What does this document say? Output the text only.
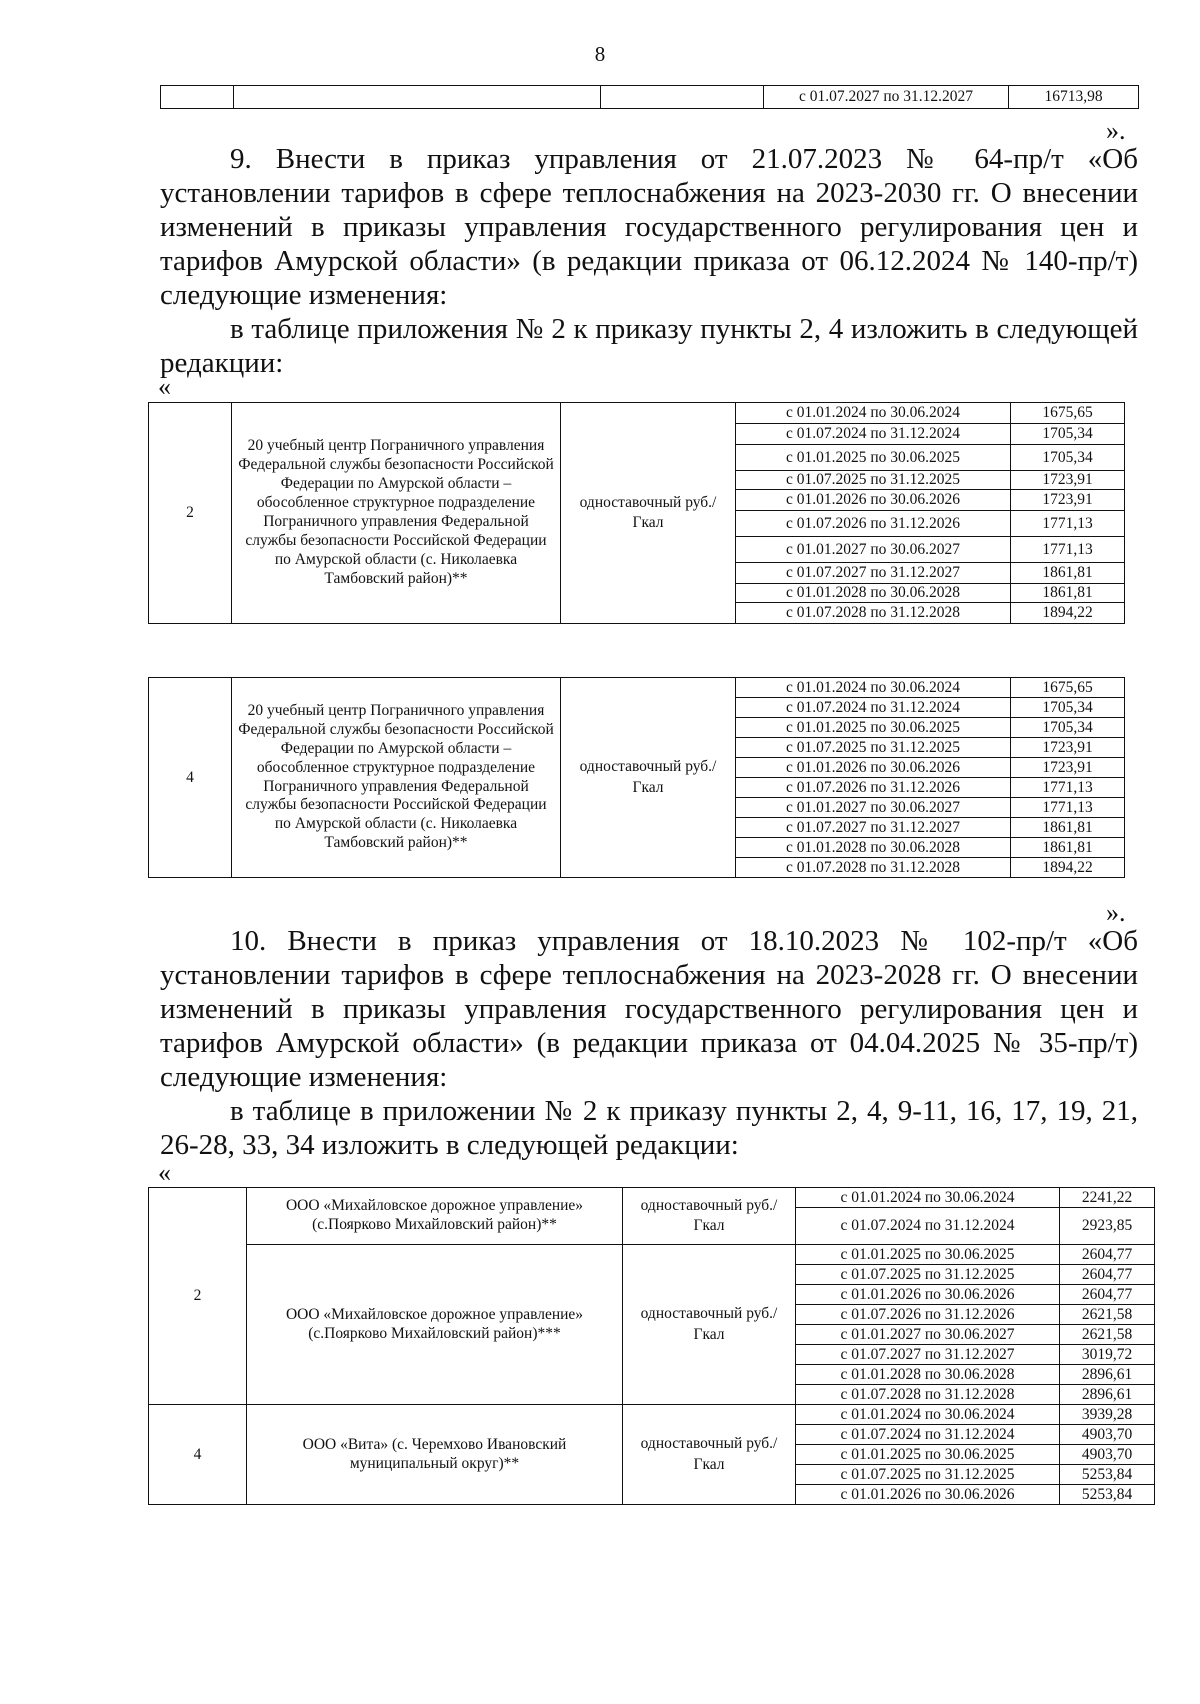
8
			с 01.07.2027 по 31.12.2027	16713,98
».

9. Внести в приказ управления от 21.07.2023 № 64-пр/т «Об установлении тарифов в сфере теплоснабжения на 2023-2030 гг. О внесении изменений в приказы управления государственного регулирования цен и тарифов Амурской области» (в редакции приказа от 06.12.2024 № 140-пр/т) следующие изменения:

в таблице приложения № 2 к приказу пункты 2, 4 изложить в следующей редакции:

«
2	20 учебный центр Пограничного управления Федеральной службы безопасности Российской Федерации по Амурской области – обособленное структурное подразделение Пограничного управления Федеральной службы безопасности Российской Федерации по Амурской области (с. Николаевка Тамбовский район)**	одноставочный руб./Гкал	с 01.01.2024 по 30.06.2024	1675,65
			с 01.07.2024 по 31.12.2024	1705,34
			с 01.01.2025 по 30.06.2025	1705,34
			с 01.07.2025 по 31.12.2025	1723,91
			с 01.01.2026 по 30.06.2026	1723,91
			с 01.07.2026 по 31.12.2026	1771,13
			с 01.01.2027 по 30.06.2027	1771,13
			с 01.07.2027 по 31.12.2027	1861,81
			с 01.01.2028 по 30.06.2028	1861,81
			с 01.07.2028 по 31.12.2028	1894,22
4	20 учебный центр Пограничного управления Федеральной службы безопасности Российской Федерации по Амурской области – обособленное структурное подразделение Пограничного управления Федеральной службы безопасности Российской Федерации по Амурской области (с. Николаевка Тамбовский район)**	одноставочный руб./Гкал	с 01.01.2024 по 30.06.2024	1675,65
			с 01.07.2024 по 31.12.2024	1705,34
			с 01.01.2025 по 30.06.2025	1705,34
			с 01.07.2025 по 31.12.2025	1723,91
			с 01.01.2026 по 30.06.2026	1723,91
			с 01.07.2026 по 31.12.2026	1771,13
			с 01.01.2027 по 30.06.2027	1771,13
			с 01.07.2027 по 31.12.2027	1861,81
			с 01.01.2028 по 30.06.2028	1861,81
			с 01.07.2028 по 31.12.2028	1894,22
».

10. Внести в приказ управления от 18.10.2023 № 102-пр/т «Об установлении тарифов в сфере теплоснабжения на 2023-2028 гг. О внесении изменений в приказы управления государственного регулирования цен и тарифов Амурской области» (в редакции приказа от 04.04.2025 № 35-пр/т) следующие изменения:

в таблице в приложении № 2 к приказу пункты 2, 4, 9-11, 16, 17, 19, 21, 26-28, 33, 34 изложить в следующей редакции:

«
2	ООО «Михайловское дорожное управление» (с.Поярково Михайловский район)**	одноставочный руб./Гкал	с 01.01.2024 по 30.06.2024	2241,22
			с 01.07.2024 по 31.12.2024	2923,85
	ООО «Михайловское дорожное управление» (с.Поярково Михайловский район)***	одноставочный руб./Гкал	с 01.01.2025 по 30.06.2025	2604,77
			с 01.07.2025 по 31.12.2025	2604,77
			с 01.01.2026 по 30.06.2026	2604,77
			с 01.07.2026 по 31.12.2026	2621,58
			с 01.01.2027 по 30.06.2027	2621,58
			с 01.07.2027 по 31.12.2027	3019,72
			с 01.01.2028 по 30.06.2028	2896,61
			с 01.07.2028 по 31.12.2028	2896,61
4	ООО «Вита» (с. Черемхово Ивановский муниципальный округ)**	одноставочный руб./Гкал	с 01.01.2024 по 30.06.2024	3939,28
			с 01.07.2024 по 31.12.2024	4903,70
			с 01.01.2025 по 30.06.2025	4903,70
			с 01.07.2025 по 31.12.2025	5253,84
			с 01.01.2026 по 30.06.2026	5253,84
